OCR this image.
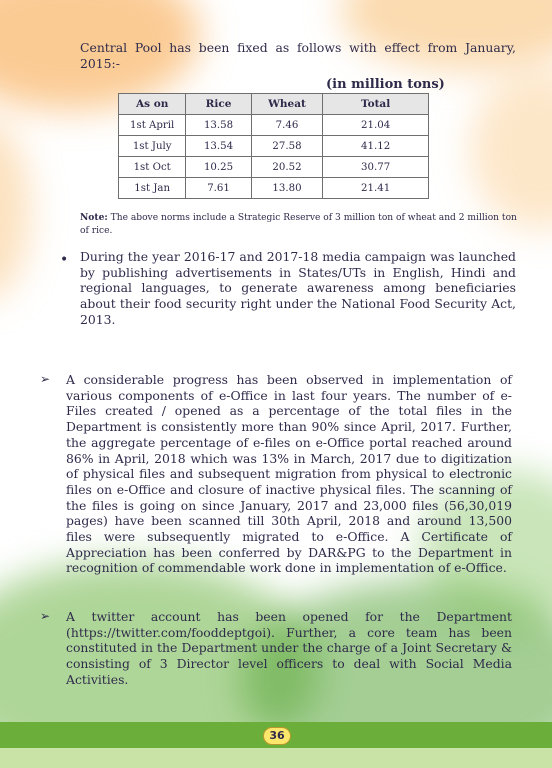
Central Pool has been fixed as follows with effect from January, 2015:-

(in million tons)
As on	Rice	Wheat	Total
1st April	13.58	7.46	21.04
1st July	13.54	27.58	41.12
1st Oct	10.25	20.52	30.77
1st Jan	7.61	13.80	21.41

Note: The above norms include a Strategic Reserve of 3 million ton of wheat and 2 million ton of rice.

• During the year 2016-17 and 2017-18 media campaign was launched by publishing advertisements in States/UTs in English, Hindi and regional languages, to generate awareness among beneficiaries about their food security right under the National Food Security Act, 2013.

➢ A considerable progress has been observed in implementation of various components of e-Office in last four years. The number of e-Files created / opened as a percentage of the total files in the Department is consistently more than 90% since April, 2017. Further, the aggregate percentage of e-files on e-Office portal reached around 86% in April, 2018 which was 13% in March, 2017 due to digitization of physical files and subsequent migration from physical to electronic files on e-Office and closure of inactive physical files. The scanning of the files is going on since January, 2017 and 23,000 files (56,30,019 pages) have been scanned till 30th April, 2018 and around 13,500 files were subsequently migrated to e-Office. A Certificate of Appreciation has been conferred by DAR&PG to the Department in recognition of commendable work done in implementation of e-Office.

➢ A twitter account has been opened for the Department (https://twitter.com/fooddeptgoi). Further, a core team has been constituted in the Department under the charge of a Joint Secretary & consisting of 3 Director level officers to deal with Social Media Activities.

36
